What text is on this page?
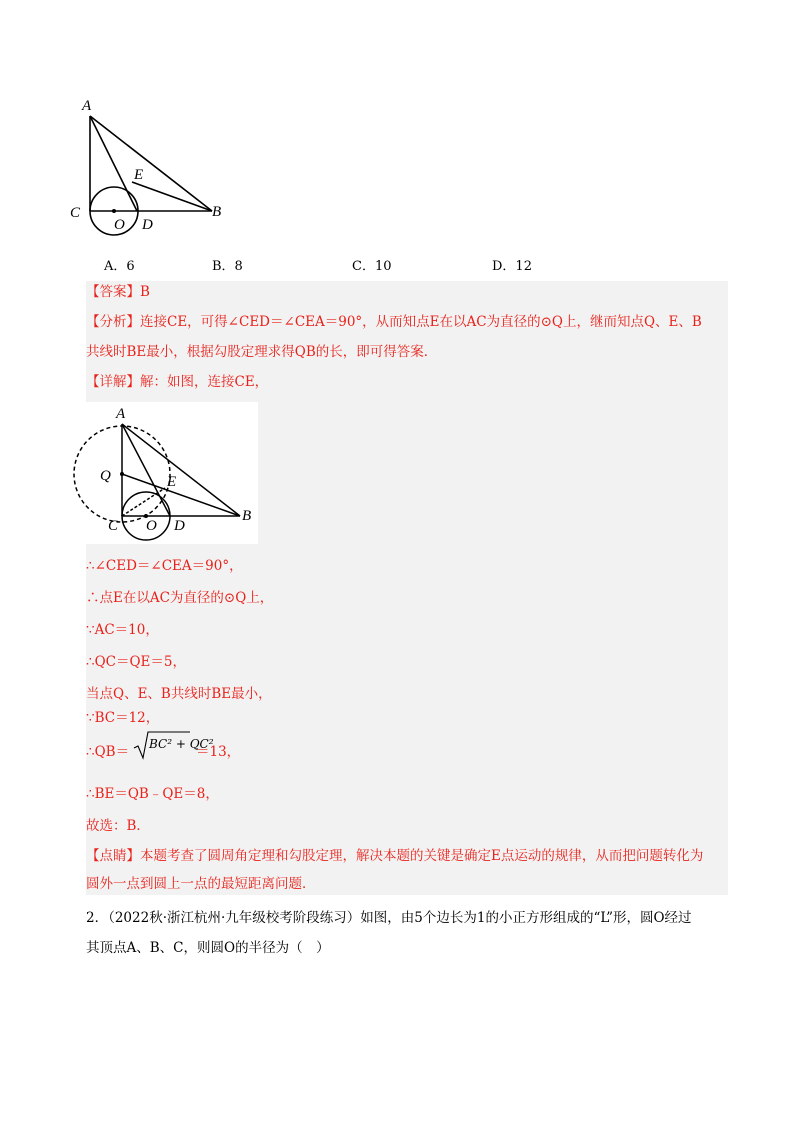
A
E
C
O D
B
A．6	B．8	C．10	D．12
【答案】B
【分析】连接CE，可得∠CED＝∠CEA＝90°，从而知点E在以AC为直径的⊙Q上，继而知点Q、E、B
共线时BE最小，根据勾股定理求得QB的长，即可得答案．
【详解】解：如图，连接CE，
A
Q	E
C O D
B
∴∠CED＝∠CEA＝90°，
∴点E在以AC为直径的⊙Q上，
∵AC＝10，
∴QC＝QE＝5，
当点Q、E、B共线时BE最小，
∵BC＝12，
∴QB＝ BC² + QC²
＝13，
∴BE＝QB﹣QE＝8，
故选：B．
【点睛】本题考查了圆周角定理和勾股定理，解决本题的关键是确定E点运动的规律，从而把问题转化为
圆外一点到圆上一点的最短距离问题．
2．（2022秋·浙江杭州·九年级校考阶段练习）如图，由5个边长为1的小正方形组成的“L”形，圆O经过
其顶点A、B、C，则圆O的半径为（　）
